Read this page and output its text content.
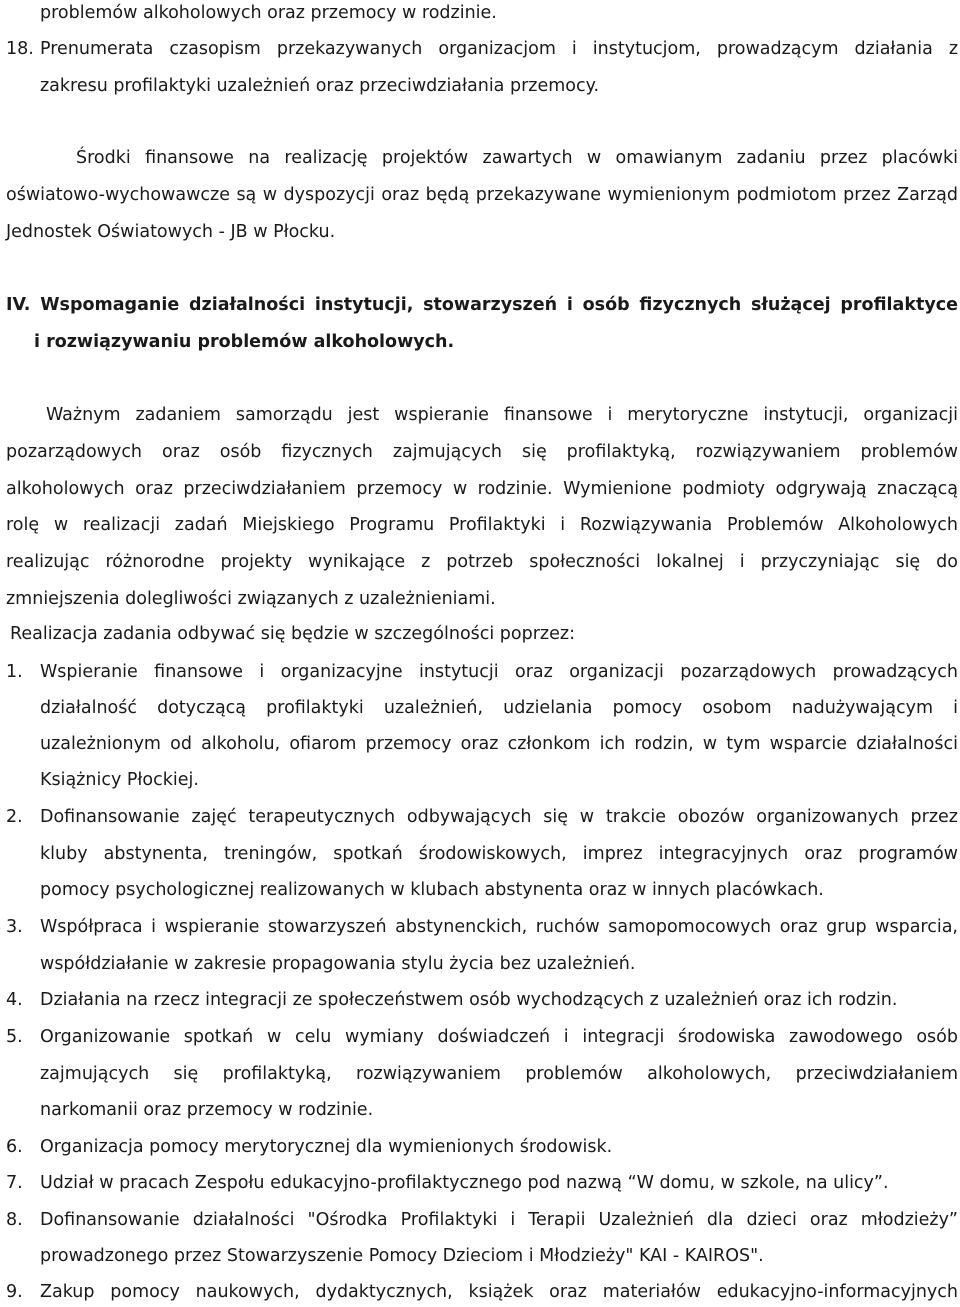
problemów alkoholowych oraz przemocy w rodzinie.
18. Prenumerata czasopism przekazywanych organizacjom i instytucjom, prowadzącym działania z
zakresu profilaktyki uzależnień oraz przeciwdziałania przemocy.
Środki finansowe na realizację projektów zawartych w omawianym zadaniu przez placówki
oświatowo-wychowawcze są w dyspozycji oraz będą przekazywane wymienionym podmiotom przez Zarząd
Jednostek Oświatowych - JB w Płocku.
IV. Wspomaganie działalności instytucji, stowarzyszeń i osób fizycznych służącej profilaktyce
i rozwiązywaniu problemów alkoholowych.
Ważnym zadaniem samorządu jest wspieranie finansowe i merytoryczne instytucji, organizacji
pozarządowych oraz osób fizycznych zajmujących się profilaktyką, rozwiązywaniem problemów
alkoholowych oraz przeciwdziałaniem przemocy w rodzinie. Wymienione podmioty odgrywają znaczącą
rolę w realizacji zadań Miejskiego Programu Profilaktyki i Rozwiązywania Problemów Alkoholowych
realizując różnorodne projekty wynikające z potrzeb społeczności lokalnej i przyczyniając się do
zmniejszenia dolegliwości związanych z uzależnieniami.
Realizacja zadania odbywać się będzie w szczególności poprzez:
1. Wspieranie finansowe i organizacyjne instytucji oraz organizacji pozarządowych prowadzących
działalność dotyczącą profilaktyki uzależnień, udzielania pomocy osobom nadużywającym i
uzależnionym od alkoholu, ofiarom przemocy oraz członkom ich rodzin, w tym wsparcie działalności
Książnicy Płockiej.
2. Dofinansowanie zajęć terapeutycznych odbywających się w trakcie obozów organizowanych przez
kluby abstynenta, treningów, spotkań środowiskowych, imprez integracyjnych oraz programów
pomocy psychologicznej realizowanych w klubach abstynenta oraz w innych placówkach.
3. Współpraca i wspieranie stowarzyszeń abstynenckich, ruchów samopomocowych oraz grup wsparcia,
współdziałanie w zakresie propagowania stylu życia bez uzależnień.
4. Działania na rzecz integracji ze społeczeństwem osób wychodzących z uzależnień oraz ich rodzin.
5. Organizowanie spotkań w celu wymiany doświadczeń i integracji środowiska zawodowego osób
zajmujących się profilaktyką, rozwiązywaniem problemów alkoholowych, przeciwdziałaniem
narkomanii oraz przemocy w rodzinie.
6. Organizacja pomocy merytorycznej dla wymienionych środowisk.
7. Udział w pracach Zespołu edukacyjno-profilaktycznego pod nazwą “W domu, w szkole, na ulicy”.
8. Dofinansowanie działalności "Ośrodka Profilaktyki i Terapii Uzależnień dla dzieci oraz młodzieży”
prowadzonego przez Stowarzyszenie Pomocy Dzieciom i Młodzieży" KAI - KAIROS".
9. Zakup pomocy naukowych, dydaktycznych, książek oraz materiałów edukacyjno-informacyjnych
